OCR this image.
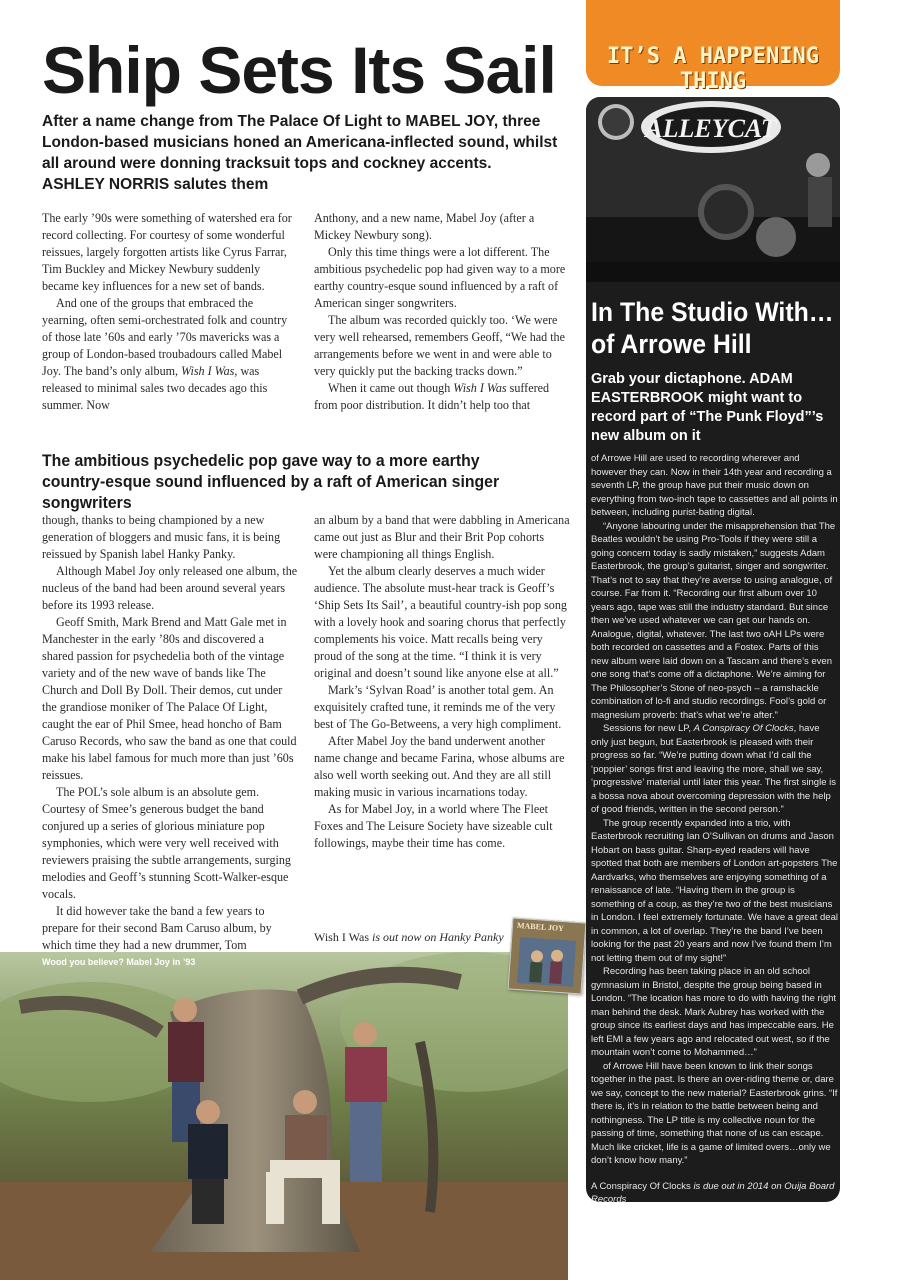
Ship Sets Its Sail
After a name change from The Palace Of Light to MABEL JOY, three London-based musicians honed an Americana-inflected sound, whilst all around were donning tracksuit tops and cockney accents.
ASHLEY NORRIS salutes them

The early ’90s were something of watershed era for record collecting. For courtesy of some wonderful reissues, largely forgotten artists like Cyrus Farrar, Tim Buckley and Mickey Newbury suddenly became key influences for a new set of bands.

And one of the groups that embraced the yearning, often semi-orchestrated folk and country of those late ’60s and early ’70s mavericks was a group of London-based troubadours called Mabel Joy. The band’s only album, Wish I Was, was released to minimal sales two decades ago this summer. Now

Anthony, and a new name, Mabel Joy (after a Mickey Newbury song).

Only this time things were a lot different. The ambitious psychedelic pop had given way to a more earthy country-esque sound influenced by a raft of American singer songwriters.

The album was recorded quickly too. ‘We were very well rehearsed, remembers Geoff, “We had the arrangements before we went in and were able to very quickly put the backing tracks down.”

When it came out though Wish I Was suffered from poor distribution. It didn’t help too that

The ambitious psychedelic pop gave way to a more earthy country-esque sound influenced by a raft of American singer songwriters

though, thanks to being championed by a new generation of bloggers and music fans, it is being reissued by Spanish label Hanky Panky.

Although Mabel Joy only released one album, the nucleus of the band had been around several years before its 1993 release.

Geoff Smith, Mark Brend and Matt Gale met in Manchester in the early ’80s and discovered a shared passion for psychedelia both of the vintage variety and of the new wave of bands like The Church and Doll By Doll. Their demos, cut under the grandiose moniker of The Palace Of Light, caught the ear of Phil Smee, head honcho of Bam Caruso Records, who saw the band as one that could make his label famous for much more than just ’60s reissues.

The POL’s sole album is an absolute gem. Courtesy of Smee’s generous budget the band conjured up a series of glorious miniature pop symphonies, which were very well received with reviewers praising the subtle arrangements, surging melodies and Geoff’s stunning Scott-Walker-esque vocals.

It did however take the band a few years to prepare for their second Bam Caruso album, by which time they had a new drummer, Tom

an album by a band that were dabbling in Americana came out just as Blur and their Brit Pop cohorts were championing all things English.

Yet the album clearly deserves a much wider audience. The absolute must-hear track is Geoff’s ‘Ship Sets Its Sail’, a beautiful country-ish pop song with a lovely hook and soaring chorus that perfectly complements his voice. Matt recalls being very proud of the song at the time. “I think it is very original and doesn’t sound like anyone else at all.”

Mark’s ‘Sylvan Road’ is another total gem. An exquisitely crafted tune, it reminds me of the very best of The Go-Betweens, a very high compliment.

After Mabel Joy the band underwent another name change and became Farina, whose albums are also well worth seeking out. And they are all still making music in various incarnations today.

As for Mabel Joy, in a world where The Fleet Foxes and The Leisure Society have sizeable cult followings, maybe their time has come.

Wish I Was is out now on Hanky Panky
Wood you believe? Mabel Joy in ’93
MABEL JOY
IT’S A HAPPENING THING
ALLEYCAT
In The Studio With…
of Arrowe Hill
Grab your dictaphone. ADAM EASTERBROOK might want to record part of “The Punk Floyd”’s new album on it

of Arrowe Hill are used to recording wherever and however they can. Now in their 14th year and recording a seventh LP, the group have put their music down on everything from two-inch tape to cassettes and all points in between, including purist-bating digital.

“Anyone labouring under the misapprehension that The Beatles wouldn’t be using Pro-Tools if they were still a going concern today is sadly mistaken,” suggests Adam Easterbrook, the group’s guitarist, singer and songwriter. That’s not to say that they’re averse to using analogue, of course. Far from it. “Recording our first album over 10 years ago, tape was still the industry standard. But since then we’ve used whatever we can get our hands on. Analogue, digital, whatever. The last two oAH LPs were both recorded on cassettes and a Fostex. Parts of this new album were laid down on a Tascam and there’s even one song that’s come off a dictaphone. We’re aiming for The Philosopher’s Stone of neo-psych – a ramshackle combination of lo-fi and studio recordings. Fool’s gold or magnesium proverb: that’s what we’re after.”

Sessions for new LP, A Conspiracy Of Clocks, have only just begun, but Easterbrook is pleased with their progress so far. “We’re putting down what I’d call the ‘poppier’ songs first and leaving the more, shall we say, ‘progressive’ material until later this year. The first single is a bossa nova about overcoming depression with the help of good friends, written in the second person.”

The group recently expanded into a trio, with Easterbrook recruiting Ian O’Sullivan on drums and Jason Hobart on bass guitar. Sharp-eyed readers will have spotted that both are members of London art-popsters The Aardvarks, who themselves are enjoying something of a renaissance of late. “Having them in the group is something of a coup, as they’re two of the best musicians in London. I feel extremely fortunate. We have a great deal in common, a lot of overlap. They’re the band I’ve been looking for the past 20 years and now I’ve found them I’m not letting them out of my sight!”

Recording has been taking place in an old school gymnasium in Bristol, despite the group being based in London. “The location has more to do with having the right man behind the desk. Mark Aubrey has worked with the group since its earliest days and has impeccable ears. He left EMI a few years ago and relocated out west, so if the mountain won’t come to Mohammed…”

of Arrowe Hill have been known to link their songs together in the past. Is there an over-riding theme or, dare we say, concept to the new material? Easterbrook grins. “If there is, it’s in relation to the battle between being and nothingness. The LP title is my collective noun for the passing of time, something that none of us can escape. Much like cricket, life is a game of limited overs…only we don’t know how many.”

A Conspiracy Of Clocks is due out in 2014 on Ouija Board Records
